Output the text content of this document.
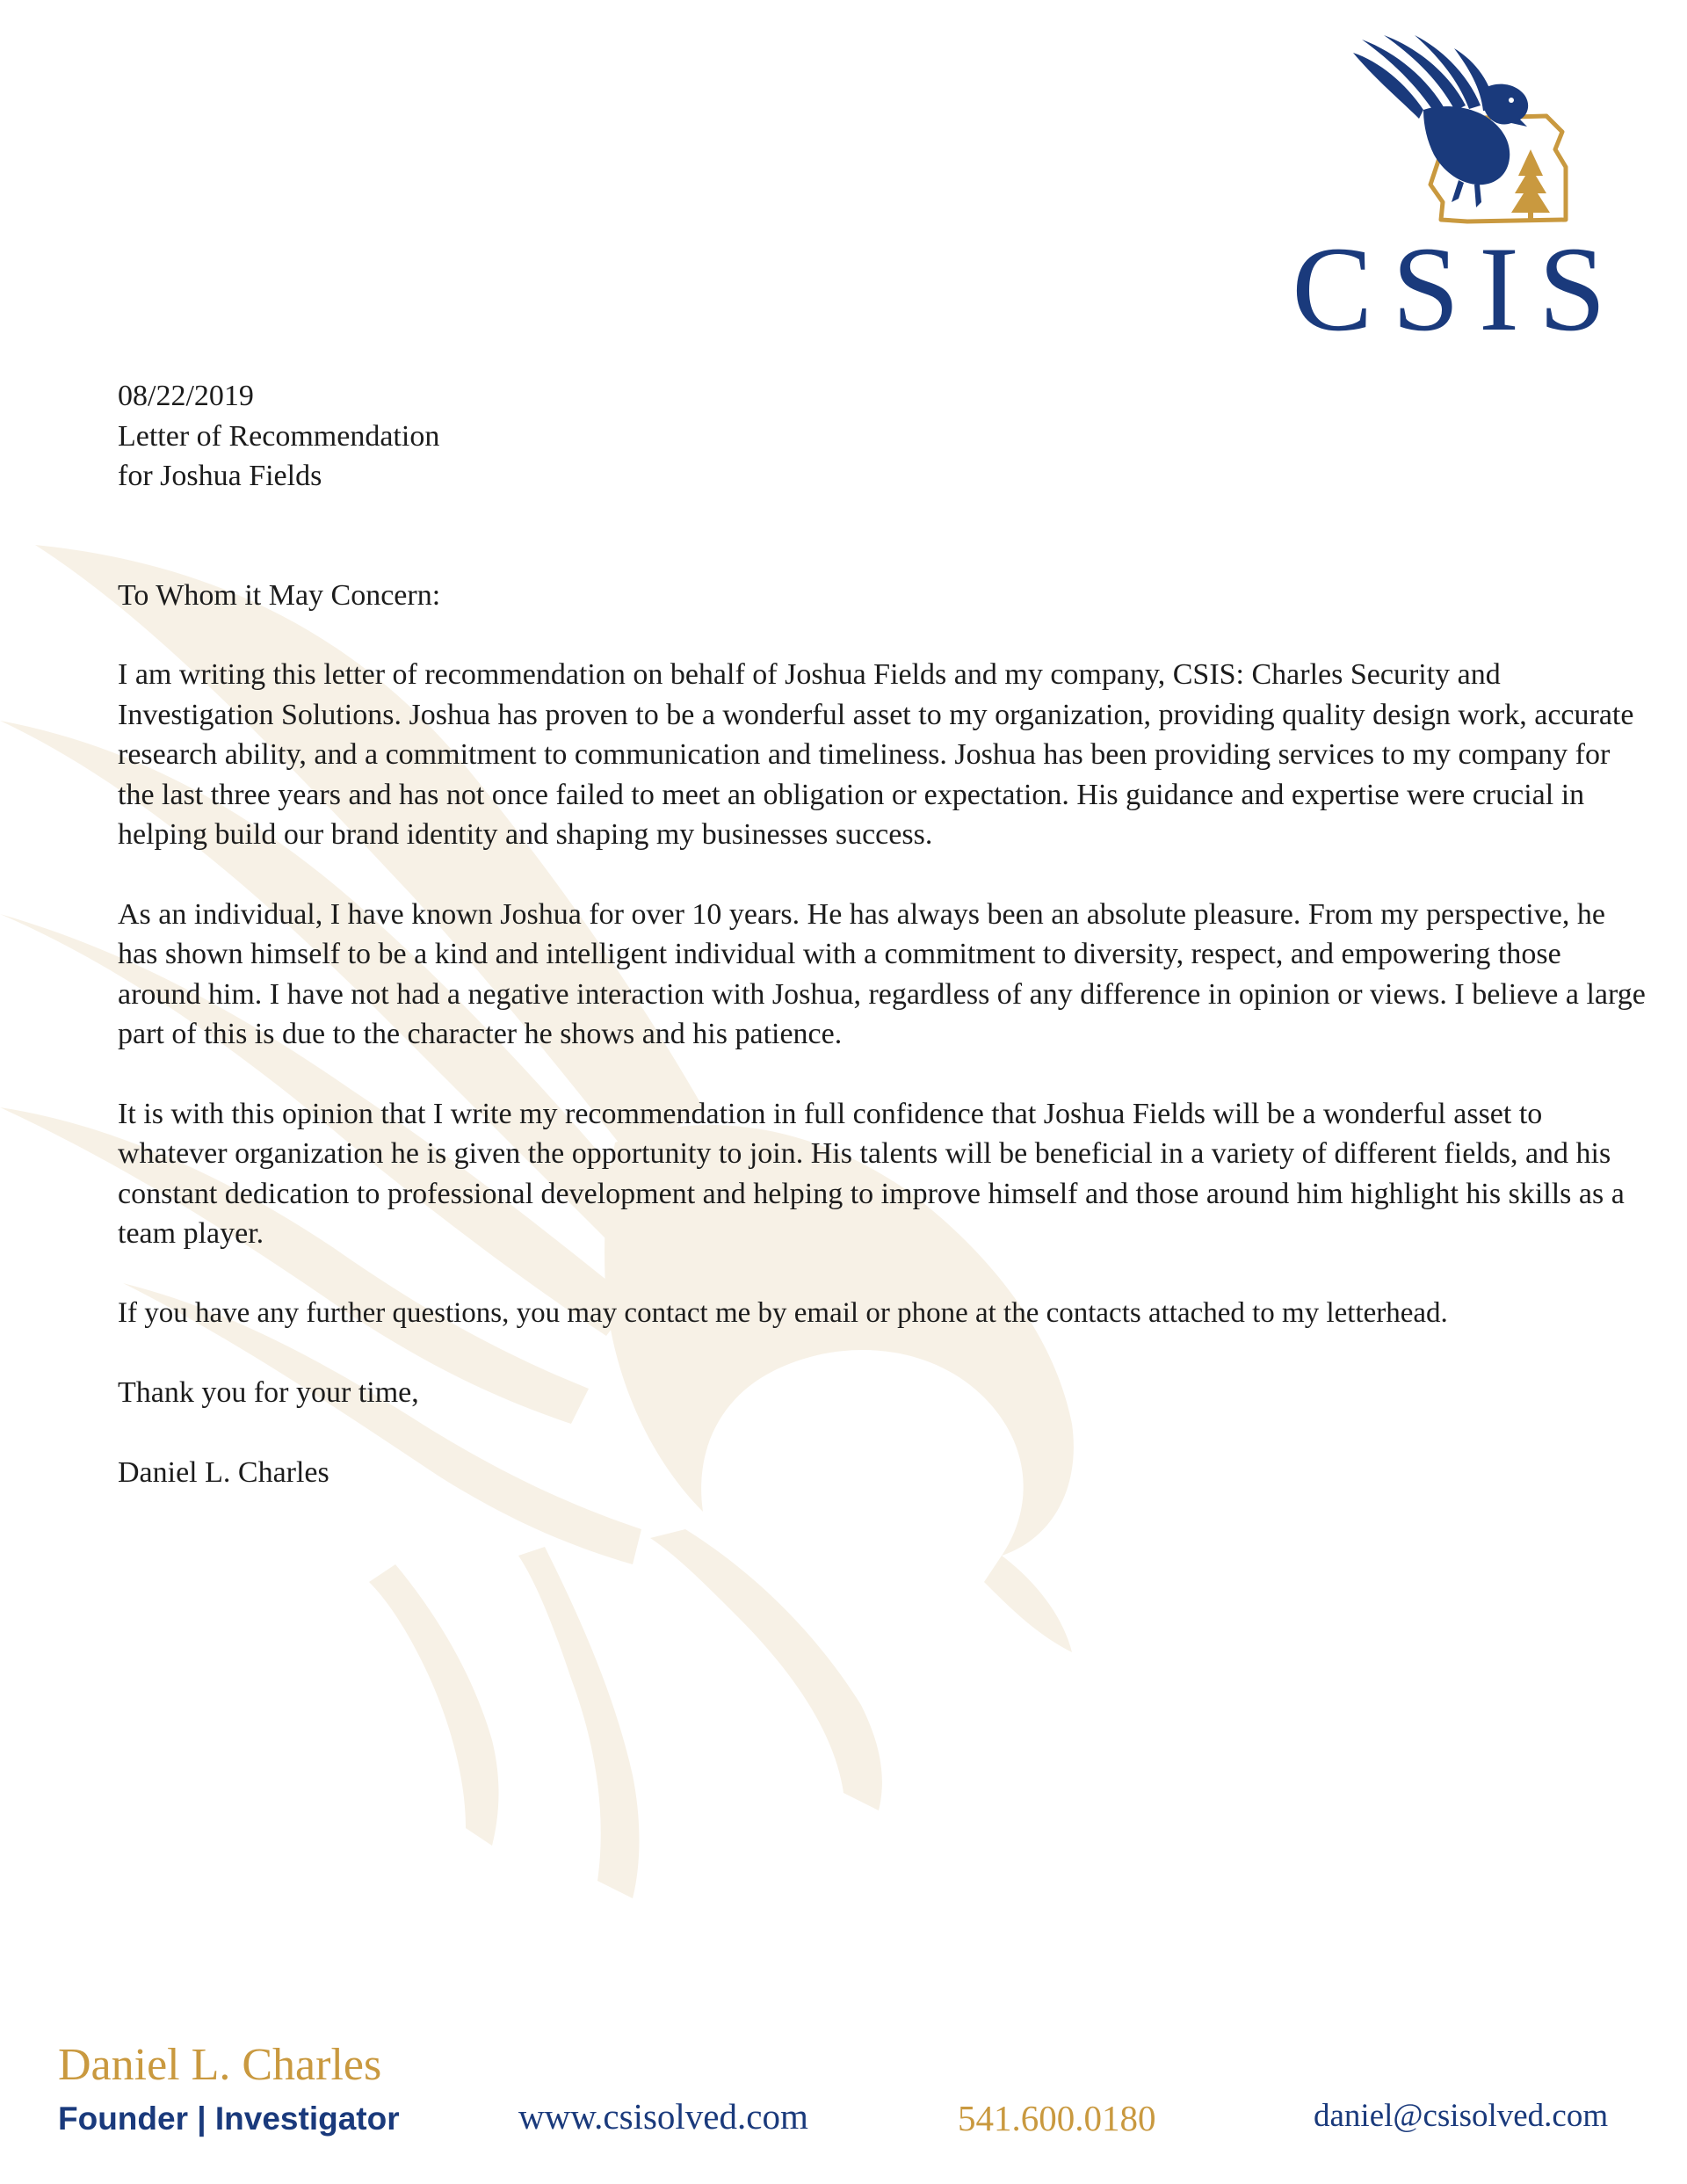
CSIS
08/22/2019
Letter of Recommendation
for Joshua Fields

To Whom it May Concern:

I am writing this letter of recommendation on behalf of Joshua Fields and my company, CSIS: Charles Security and Investigation Solutions. Joshua has proven to be a wonderful asset to my organization, providing quality design work, accurate research ability, and a commitment to communication and timeliness. Joshua has been providing services to my company for the last three years and has not once failed to meet an obligation or expectation. His guidance and expertise were crucial in helping build our brand identity and shaping my businesses success.

As an individual, I have known Joshua for over 10 years. He has always been an absolute pleasure. From my perspective, he has shown himself to be a kind and intelligent individual with a commitment to diversity, respect, and empowering those around him. I have not had a negative interaction with Joshua, regardless of any difference in opinion or views. I believe a large part of this is due to the character he shows and his patience.

It is with this opinion that I write my recommendation in full confidence that Joshua Fields will be a wonderful asset to whatever organization he is given the opportunity to join. His talents will be beneficial in a variety of different fields, and his constant dedication to professional development and helping to improve himself and those around him highlight his skills as a team player.

If you have any further questions, you may contact me by email or phone at the contacts attached to my letterhead.

Thank you for your time,

Daniel L. Charles

Daniel L. Charles
Founder | Investigator	www.csisolved.com	541.600.0180	daniel@csisolved.com
